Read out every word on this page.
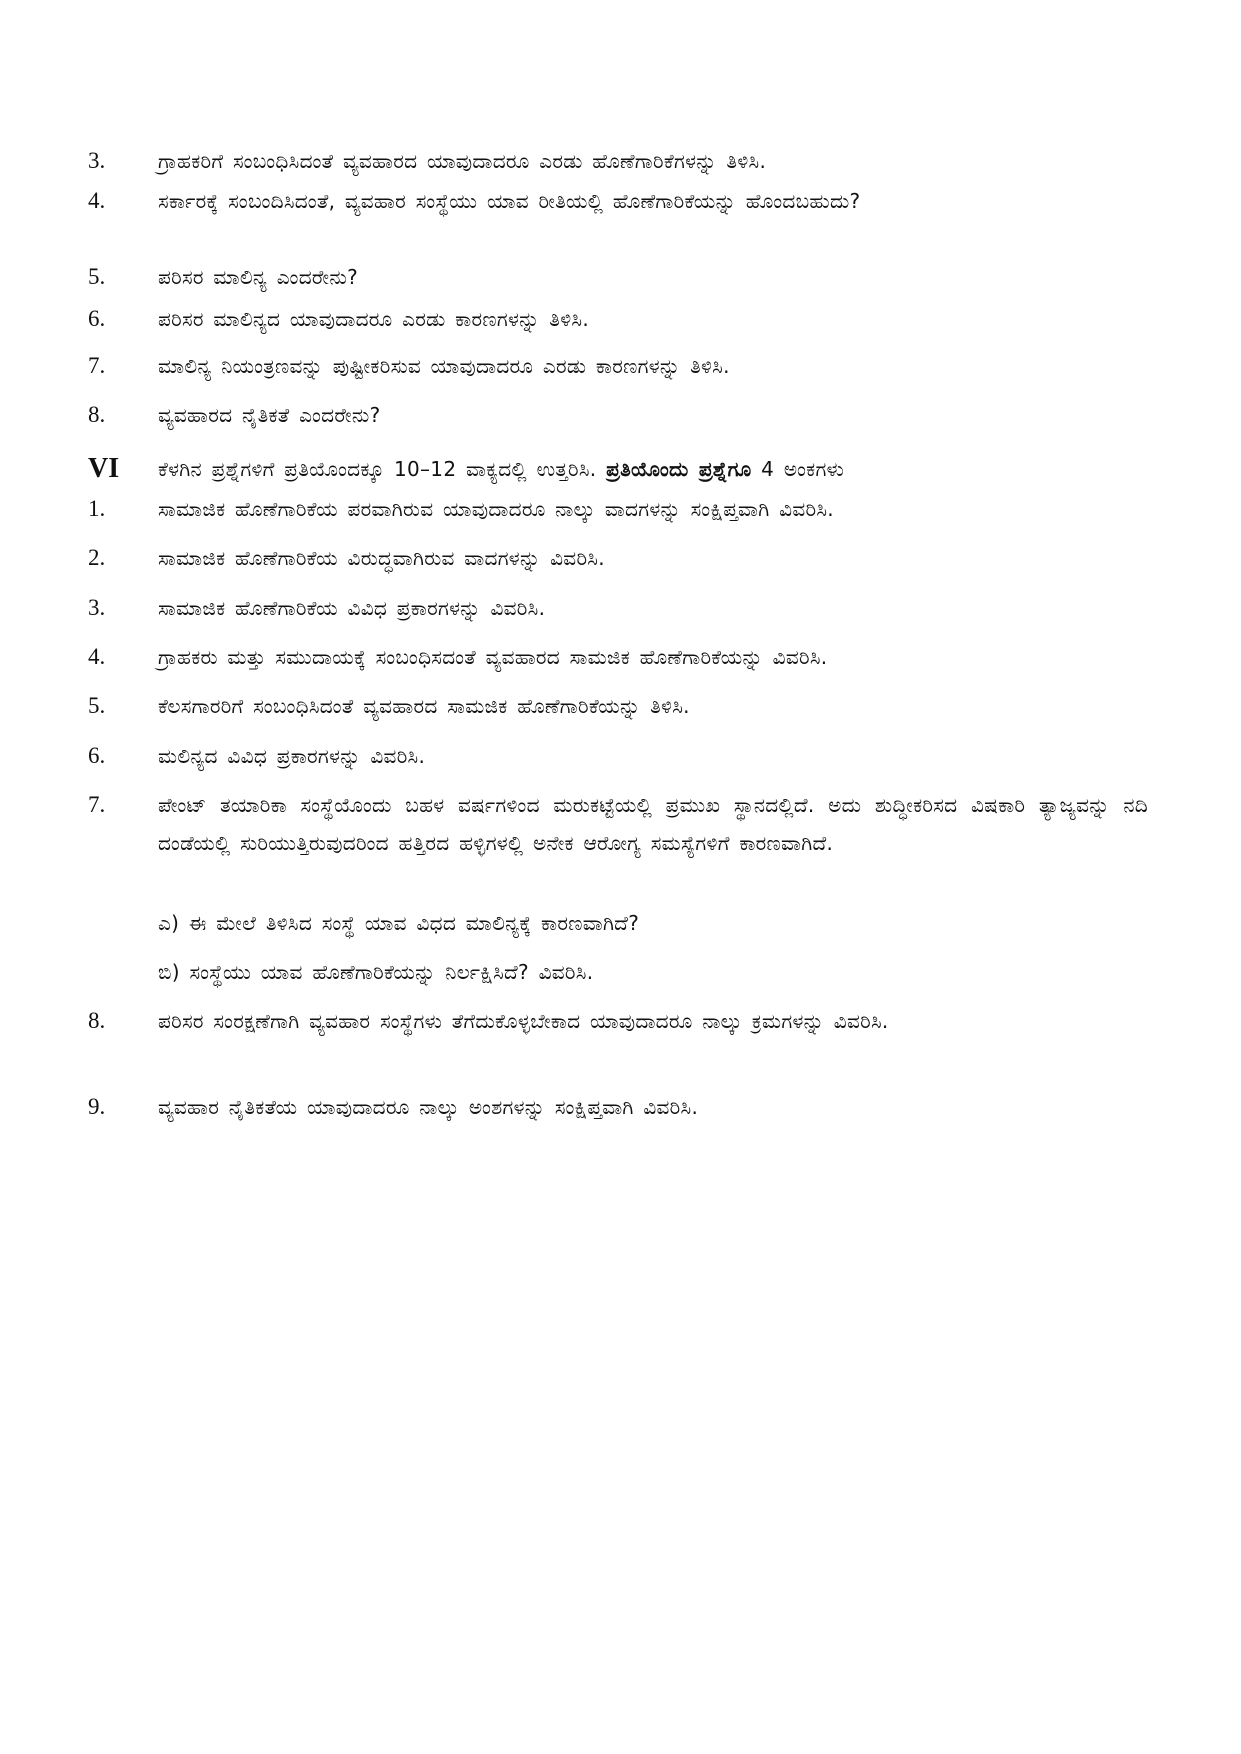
3.	ಗ್ರಾಹಕರಿಗೆ ಸಂಬಂಧಿಸಿದಂತೆ ವ್ಯವಹಾರದ ಯಾವುದಾದರೂ ಎರಡು ಹೊಣೆಗಾರಿಕೆಗಳನ್ನು ತಿಳಿಸಿ.
4.	ಸರ್ಕಾರಕ್ಕೆ ಸಂಬಂದಿಸಿದಂತೆ, ವ್ಯವಹಾರ ಸಂಸ್ಥೆಯು ಯಾವ ರೀತಿಯಲ್ಲಿ ಹೊಣೆಗಾರಿಕೆಯನ್ನು ಹೊಂದಬಹುದು?
5.	ಪರಿಸರ ಮಾಲಿನ್ಯ ಎಂದರೇನು?
6.	ಪರಿಸರ ಮಾಲಿನ್ಯದ ಯಾವುದಾದರೂ ಎರಡು ಕಾರಣಗಳನ್ನು ತಿಳಿಸಿ.
7.	ಮಾಲಿನ್ಯ ನಿಯಂತ್ರಣವನ್ನು ಪುಷ್ಟೀಕರಿಸುವ ಯಾವುದಾದರೂ ಎರಡು ಕಾರಣಗಳನ್ನು ತಿಳಿಸಿ.
8.	ವ್ಯವಹಾರದ ನೈತಿಕತೆ ಎಂದರೇನು?
VI ಕೆಳಗಿನ ಪ್ರಶ್ನೆಗಳಿಗೆ ಪ್ರತಿಯೊಂದಕ್ಕೂ 10–12 ವಾಕ್ಯದಲ್ಲಿ ಉತ್ತರಿಸಿ. ಪ್ರತಿಯೊಂದು ಪ್ರಶ್ನೆಗೂ 4 ಅಂಕಗಳು
1.	ಸಾಮಾಜಿಕ ಹೊಣೆಗಾರಿಕೆಯ ಪರವಾಗಿರುವ ಯಾವುದಾದರೂ ನಾಲ್ಕು ವಾದಗಳನ್ನು ಸಂಕ್ಷಿಪ್ತವಾಗಿ ವಿವರಿಸಿ.
2.	ಸಾಮಾಜಿಕ ಹೊಣೆಗಾರಿಕೆಯ ವಿರುದ್ಧವಾಗಿರುವ ವಾದಗಳನ್ನು ವಿವರಿಸಿ.
3.	ಸಾಮಾಜಿಕ ಹೊಣೆಗಾರಿಕೆಯ ವಿವಿಧ ಪ್ರಕಾರಗಳನ್ನು ವಿವರಿಸಿ.
4.	ಗ್ರಾಹಕರು ಮತ್ತು ಸಮುದಾಯಕ್ಕೆ ಸಂಬಂಧಿಸದಂತೆ ವ್ಯವಹಾರದ ಸಾಮಜಿಕ ಹೊಣೆಗಾರಿಕೆಯನ್ನು ವಿವರಿಸಿ.
5.	ಕೆಲಸಗಾರರಿಗೆ ಸಂಬಂಧಿಸಿದಂತೆ ವ್ಯವಹಾರದ ಸಾಮಜಿಕ ಹೊಣೆಗಾರಿಕೆಯನ್ನು ತಿಳಿಸಿ.
6.	ಮಲಿನ್ಯದ ವಿವಿಧ ಪ್ರಕಾರಗಳನ್ನು ವಿವರಿಸಿ.
7.	ಪೇಂಟ್ ತಯಾರಿಕಾ ಸಂಸ್ಥೆಯೊಂದು ಬಹಳ ವರ್ಷಗಳಿಂದ ಮರುಕಟ್ಟೆಯಲ್ಲಿ ಪ್ರಮುಖ ಸ್ಥಾನದಲ್ಲಿದೆ. ಅದು ಶುದ್ಧೀಕರಿಸದ ವಿಷಕಾರಿ ತ್ಯಾಜ್ಯವನ್ನು ನದಿ ದಂಡೆಯಲ್ಲಿ ಸುರಿಯುತ್ತಿರುವುದರಿಂದ ಹತ್ತಿರದ ಹಳ್ಳಿಗಳಲ್ಲಿ ಅನೇಕ ಆರೋಗ್ಯ ಸಮಸ್ಯೆಗಳಿಗೆ ಕಾರಣವಾಗಿದೆ.
ಎ) ಈ ಮೇಲೆ ತಿಳಿಸಿದ ಸಂಸ್ಥೆ ಯಾವ ವಿಧದ ಮಾಲಿನ್ಯಕ್ಕೆ ಕಾರಣವಾಗಿದೆ?
ಬಿ) ಸಂಸ್ಥೆಯು ಯಾವ ಹೊಣೆಗಾರಿಕೆಯನ್ನು ನಿರ್ಲಕ್ಷಿಸಿದೆ? ವಿವರಿಸಿ.
8.	ಪರಿಸರ ಸಂರಕ್ಷಣೆಗಾಗಿ ವ್ಯವಹಾರ ಸಂಸ್ಥೆಗಳು ತೆಗೆದುಕೊಳ್ಳಬೇಕಾದ ಯಾವುದಾದರೂ ನಾಲ್ಕು ಕ್ರಮಗಳನ್ನು ವಿವರಿಸಿ.
9.	ವ್ಯವಹಾರ ನೈತಿಕತೆಯ ಯಾವುದಾದರೂ ನಾಲ್ಕು ಅಂಶಗಳನ್ನು ಸಂಕ್ಷಿಪ್ತವಾಗಿ ವಿವರಿಸಿ.
